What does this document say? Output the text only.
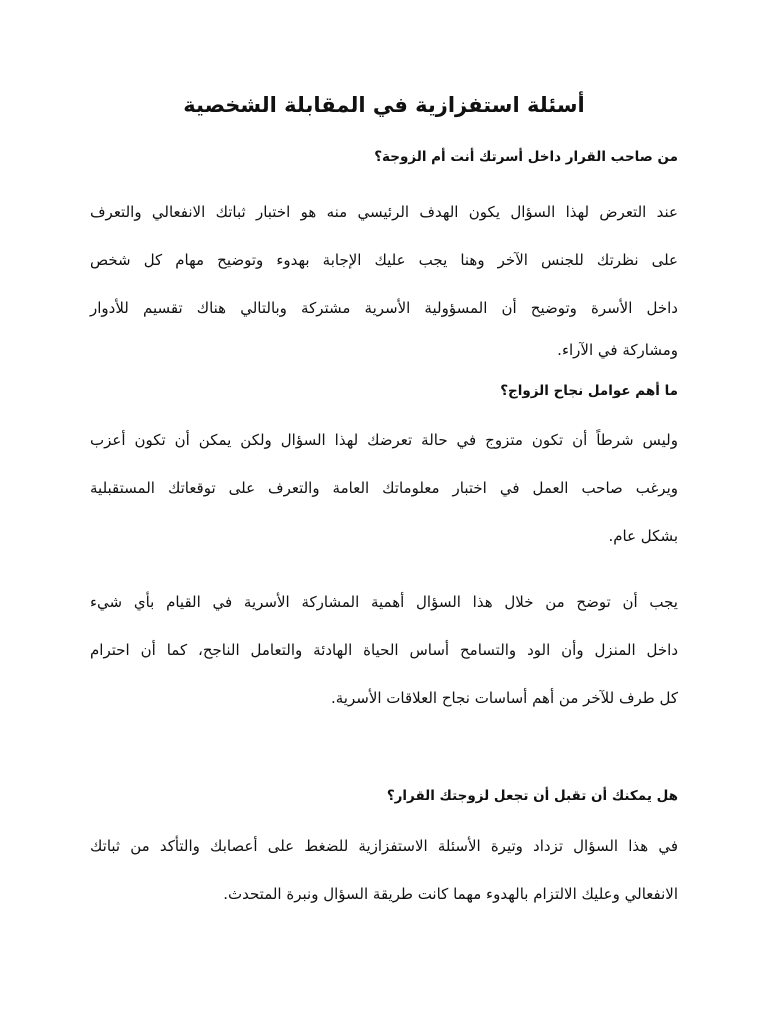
أسئلة استفزازية في المقابلة الشخصية
من صاحب القرار داخل أسرتك أنت أم الزوجة؟
عند التعرض لهذا السؤال يكون الهدف الرئيسي منه هو اختبار ثباتك الانفعالي والتعرف
على نظرتك للجنس الآخر وهنا يجب عليك الإجابة بهدوء وتوضيح مهام كل شخص
داخل الأسرة وتوضيح أن المسؤولية الأسرية مشتركة وبالتالي هناك تقسيم للأدوار
ومشاركة في الآراء.
ما أهم عوامل نجاح الزواج؟
وليس شرطاً أن تكون متزوج في حالة تعرضك لهذا السؤال ولكن يمكن أن تكون أعزب
ويرغب صاحب العمل في اختبار معلوماتك العامة والتعرف على توقعاتك المستقبلية
بشكل عام.
يجب أن توضح من خلال هذا السؤال أهمية المشاركة الأسرية في القيام بأي شيء
داخل المنزل وأن الود والتسامح أساس الحياة الهادئة والتعامل الناجح، كما أن احترام
كل طرف للآخر من أهم أساسات نجاح العلاقات الأسرية.
هل يمكنك أن تقبل أن تجعل لزوجتك القرار؟
في هذا السؤال تزداد وتيرة الأسئلة الاستفزازية للضغط على أعصابك والتأكد من ثباتك
الانفعالي وعليك الالتزام بالهدوء مهما كانت طريقة السؤال ونبرة المتحدث.
